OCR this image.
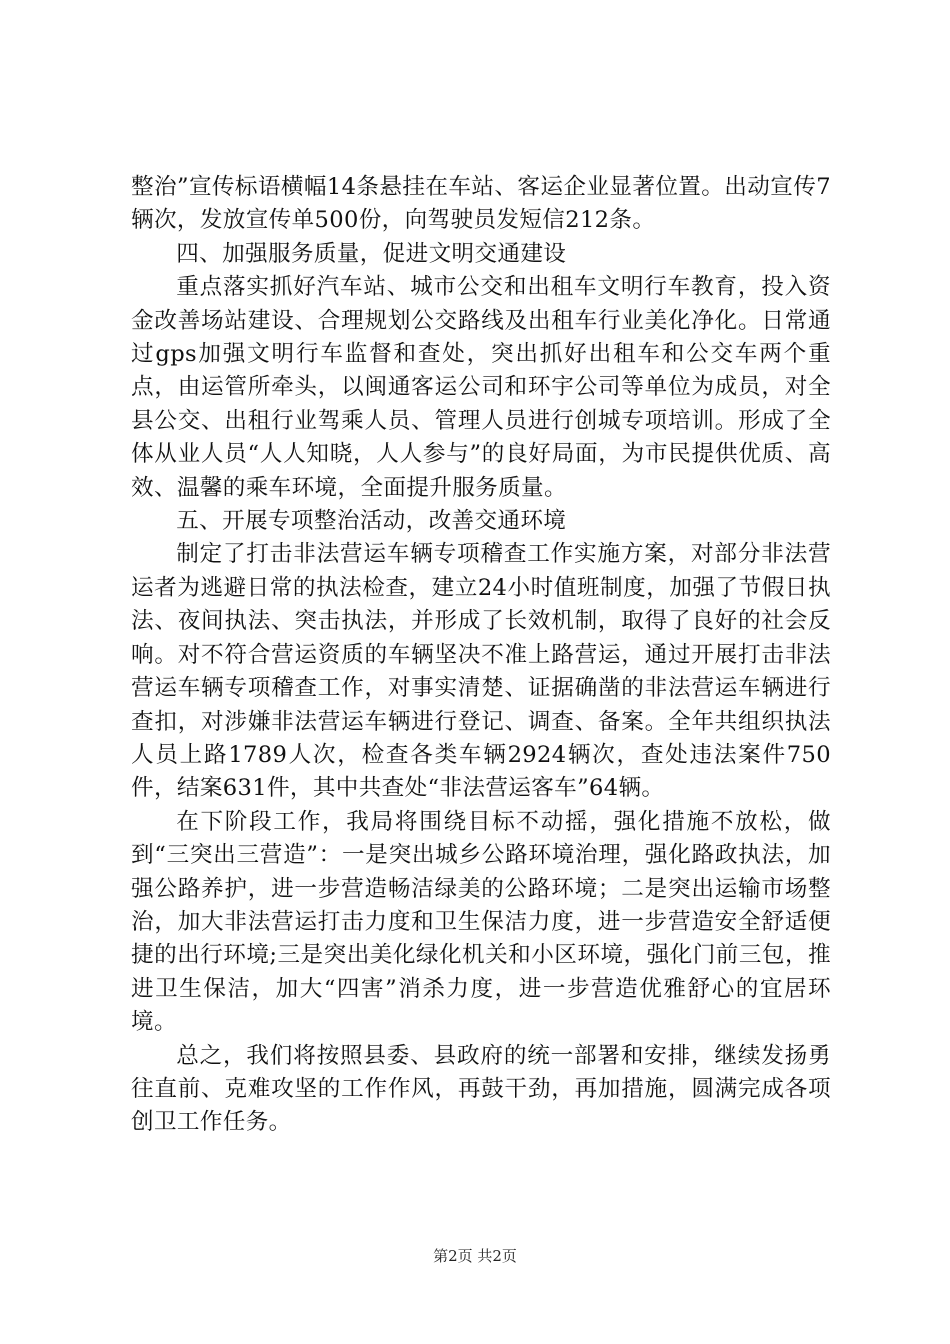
整治”宣传标语横幅14条悬挂在车站、客运企业显著位置。出动宣传7辆次，发放宣传单500份，向驾驶员发短信212条。

四、加强服务质量，促进文明交通建设

重点落实抓好汽车站、城市公交和出租车文明行车教育，投入资金改善场站建设、合理规划公交路线及出租车行业美化净化。日常通过gps加强文明行车监督和查处，突出抓好出租车和公交车两个重点，由运管所牵头，以闽通客运公司和环宇公司等单位为成员，对全县公交、出租行业驾乘人员、管理人员进行创城专项培训。形成了全体从业人员“人人知晓，人人参与”的良好局面，为市民提供优质、高效、温馨的乘车环境，全面提升服务质量。

五、开展专项整治活动，改善交通环境

制定了打击非法营运车辆专项稽查工作实施方案，对部分非法营运者为逃避日常的执法检查，建立24小时值班制度，加强了节假日执法、夜间执法、突击执法，并形成了长效机制，取得了良好的社会反响。对不符合营运资质的车辆坚决不准上路营运，通过开展打击非法营运车辆专项稽查工作，对事实清楚、证据确凿的非法营运车辆进行查扣，对涉嫌非法营运车辆进行登记、调查、备案。全年共组织执法人员上路1789人次，检查各类车辆2924辆次，查处违法案件750件，结案631件，其中共查处“非法营运客车”64辆。

在下阶段工作，我局将围绕目标不动摇，强化措施不放松，做到“三突出三营造”：一是突出城乡公路环境治理，强化路政执法，加强公路养护，进一步营造畅洁绿美的公路环境；二是突出运输市场整治，加大非法营运打击力度和卫生保洁力度，进一步营造安全舒适便捷的出行环境;三是突出美化绿化机关和小区环境，强化门前三包，推进卫生保洁，加大“四害”消杀力度，进一步营造优雅舒心的宜居环境。

总之，我们将按照县委、县政府的统一部署和安排，继续发扬勇往直前、克难攻坚的工作作风，再鼓干劲，再加措施，圆满完成各项创卫工作任务。

第2页 共2页
